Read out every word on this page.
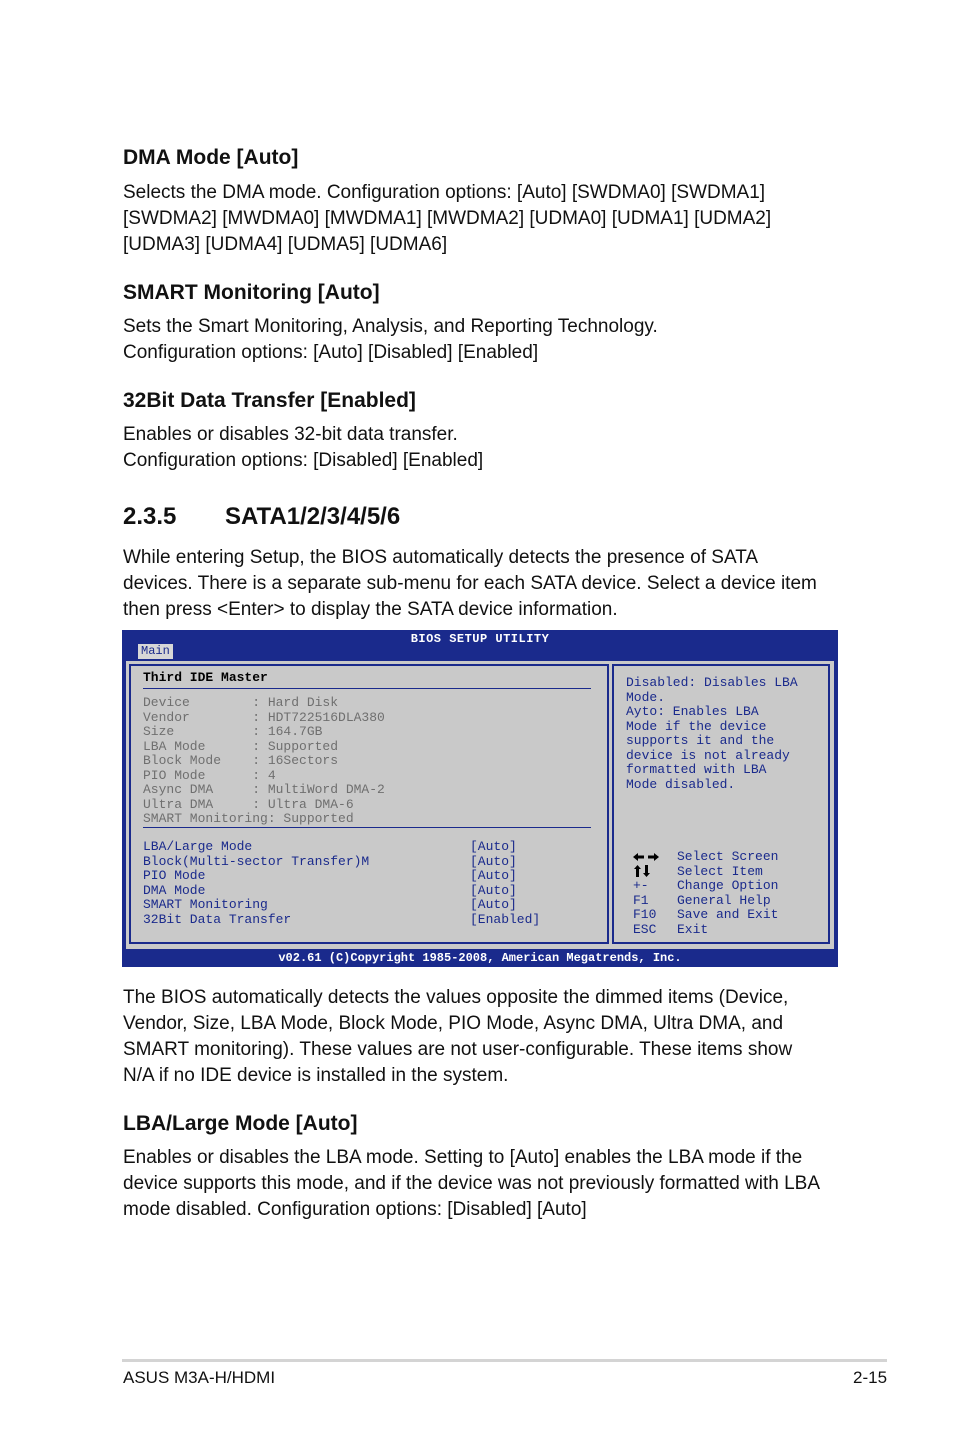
DMA Mode [Auto]

Selects the DMA mode. Configuration options: [Auto] [SWDMA0] [SWDMA1]
[SWDMA2] [MWDMA0] [MWDMA1] [MWDMA2] [UDMA0] [UDMA1] [UDMA2]
[UDMA3] [UDMA4] [UDMA5] [UDMA6]

SMART Monitoring [Auto]

Sets the Smart Monitoring, Analysis, and Reporting Technology.
Configuration options: [Auto] [Disabled] [Enabled]

32Bit Data Transfer [Enabled]

Enables or disables 32-bit data transfer.
Configuration options: [Disabled] [Enabled]

2.3.5 SATA1/2/3/4/5/6

While entering Setup, the BIOS automatically detects the presence of SATA
devices. There is a separate sub-menu for each SATA device. Select a device item
then press <Enter> to display the SATA device information.

The BIOS automatically detects the values opposite the dimmed items (Device,
Vendor, Size, LBA Mode, Block Mode, PIO Mode, Async DMA, Ultra DMA, and
SMART monitoring). These values are not user-configurable. These items show
N/A if no IDE device is installed in the system.

LBA/Large Mode [Auto]

Enables or disables the LBA mode. Setting to [Auto] enables the LBA mode if the
device supports this mode, and if the device was not previously formatted with LBA
mode disabled. Configuration options: [Disabled] [Auto]

BIOS SETUP UTILITY
Main
Third IDE Master
Device        : Hard Disk
Vendor        : HDT722516DLA380
Size          : 164.7GB
LBA Mode      : Supported
Block Mode    : 16Sectors
PIO Mode      : 4
Async DMA     : MultiWord DMA-2
Ultra DMA     : Ultra DMA-6
SMART Monitoring: Supported
LBA/Large Mode	[Auto]
Block(Multi-sector Transfer)M	[Auto]
PIO Mode	[Auto]
DMA Mode	[Auto]
SMART Monitoring	[Auto]
32Bit Data Transfer	[Enabled]
Disabled: Disables LBA
Mode.
Ayto: Enables LBA
Mode if the device
supports it and the
device is not already
formatted with LBA
Mode disabled.
Select Screen
Select Item
+- Change Option
F1 General Help
F10 Save and Exit
ESC Exit
v02.61 (C)Copyright 1985-2008, American Megatrends, Inc.
ASUS M3A-H/HDMI	2-15
